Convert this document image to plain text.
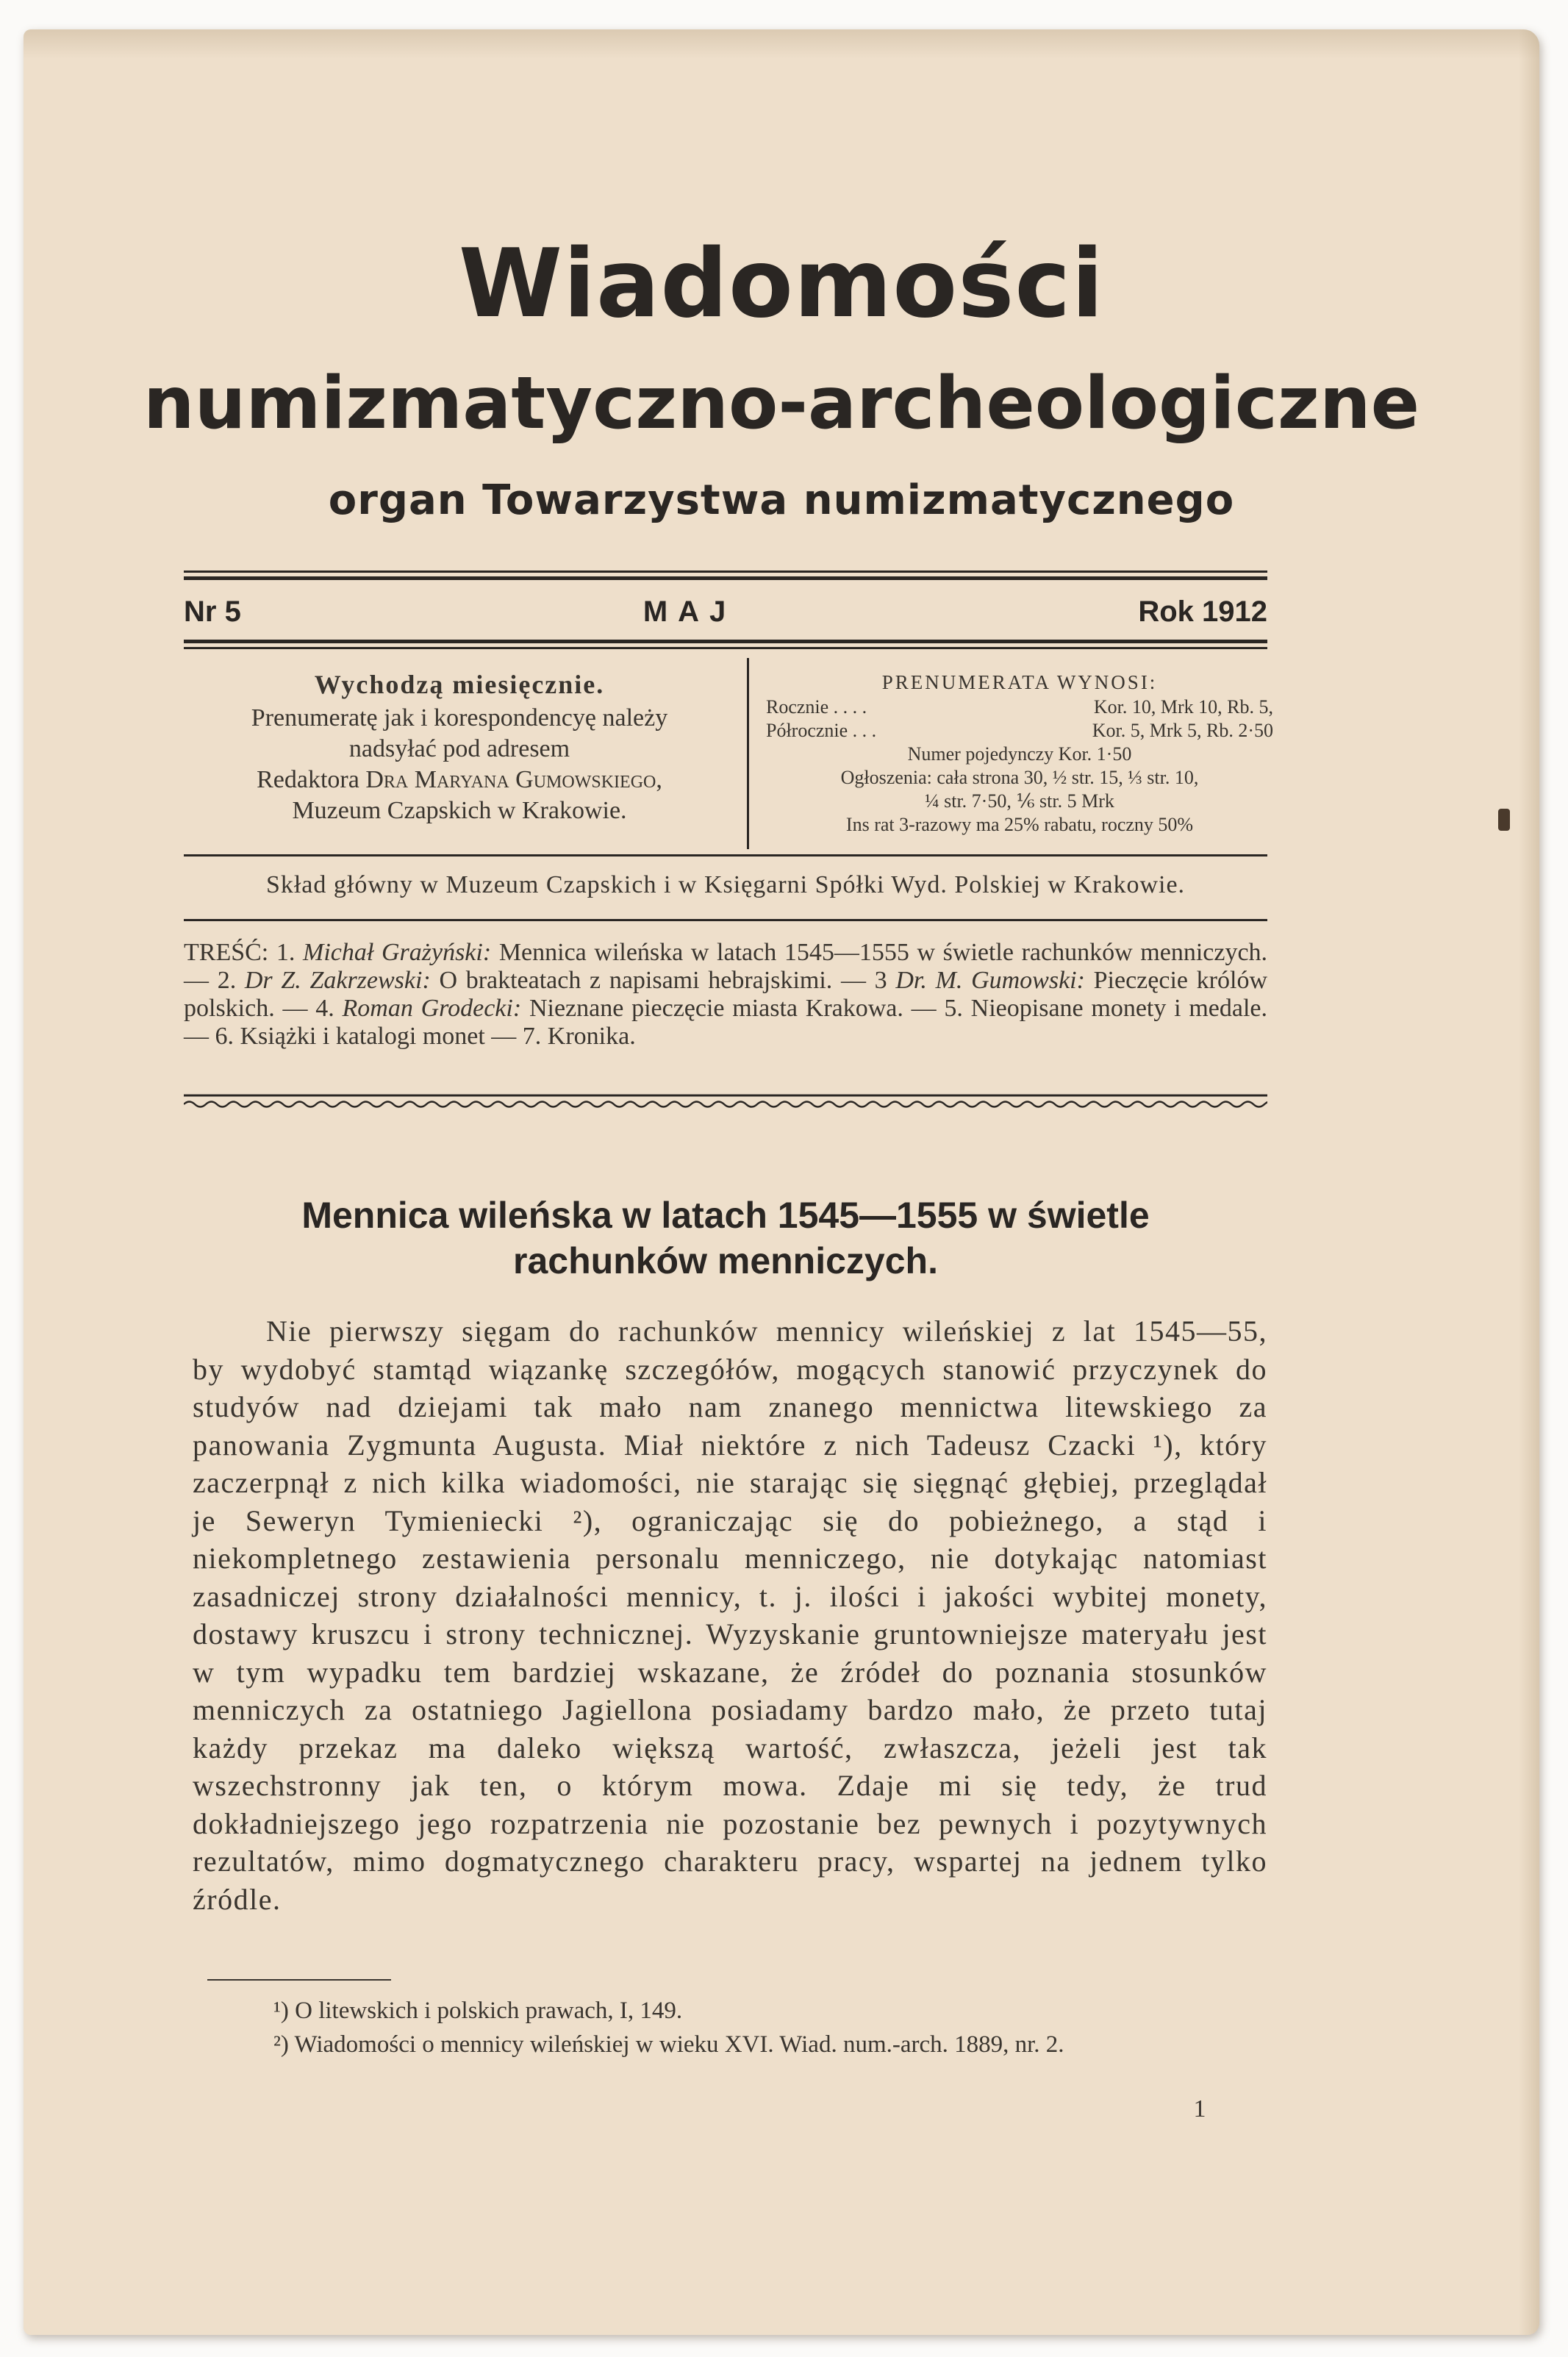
Wiadomości
numizmatyczno-archeologiczne
organ Towarzystwa numizmatycznego
Nr 5	MAJ	Rok 1912
Wychodzą miesięcznie.
Prenumeratę jak i korespondencyę należy
nadsyłać pod adresem
Redaktora Dra Maryana Gumowskiego,
Muzeum Czapskich w Krakowie.
PRENUMERATA WYNOSI:
Rocznie . . . .	Kor. 10, Mrk 10, Rb. 5,
Półrocznie . . .	Kor. 5, Mrk 5, Rb. 2·50
Numer pojedynczy Kor. 1·50
Ogłoszenia: cała strona 30, ½ str. 15, ⅓ str. 10,
¼ str. 7·50, ⅙ str. 5 Mrk
Ins rat 3-razowy ma 25% rabatu, roczny 50%
Skład główny w Muzeum Czapskich i w Księgarni Spółki Wyd. Polskiej w Krakowie.

TREŚĆ: 1. Michał Grażyński: Mennica wileńska w latach 1545—1555 w świetle rachunków menniczych. — 2. Dr Z. Zakrzewski: O brakteatach z napisami hebrajskimi. — 3 Dr. M. Gumowski: Pieczęcie królów polskich. — 4. Roman Grodecki: Nieznane pieczęcie miasta Krakowa. — 5. Nieopisane monety i medale. — 6. Książki i katalogi monet — 7. Kronika.

Mennica wileńska w latach 1545—1555 w świetle
rachunków menniczych.

Nie pierwszy sięgam do rachunków mennicy wileńskiej z lat 1545—55, by wydobyć stamtąd wiązankę szczegółów, mogących stanowić przyczynek do studyów nad dziejami tak mało nam znanego mennictwa litewskiego za panowania Zygmunta Augusta. Miał niektóre z nich Tadeusz Czacki ¹), który zaczerpnął z nich kilka wiadomości, nie starając się sięgnąć głębiej, przeglądał je Seweryn Tymieniecki ²), ograniczając się do pobieżnego, a stąd i niekompletnego zestawienia personalu menniczego, nie dotykając natomiast zasadniczej strony działalności mennicy, t. j. ilości i jakości wybitej monety, dostawy kruszcu i strony technicznej. Wyzyskanie gruntowniejsze materyału jest w tym wypadku tem bardziej wskazane, że źródeł do poznania stosunków menniczych za ostatniego Jagiellona posiadamy bardzo mało, że przeto tutaj każdy przekaz ma daleko większą wartość, zwłaszcza, jeżeli jest tak wszechstronny jak ten, o którym mowa. Zdaje mi się tedy, że trud dokładniejszego jego rozpatrzenia nie pozostanie bez pewnych i pozytywnych rezultatów, mimo dogmatycznego charakteru pracy, wspartej na jednem tylko źródle.

¹) O litewskich i polskich prawach, I, 149.
²) Wiadomości o mennicy wileńskiej w wieku XVI. Wiad. num.-arch. 1889, nr. 2.
1
